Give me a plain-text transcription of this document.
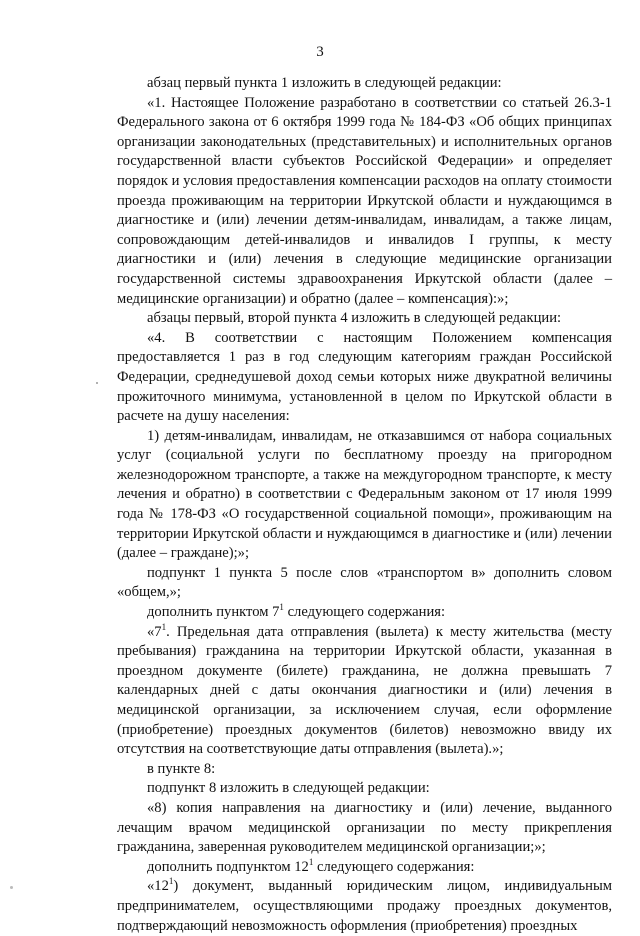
3

абзац первый пункта 1 изложить в следующей редакции:

«1. Настоящее Положение разработано в соответствии со статьей 26.3-1 Федерального закона от 6 октября 1999 года № 184-ФЗ «Об общих принципах организации законодательных (представительных) и исполнительных органов государственной власти субъектов Российской Федерации» и определяет порядок и условия предоставления компенсации расходов на оплату стоимости проезда проживающим на территории Иркутской области и нуждающимся в диагностике и (или) лечении детям-инвалидам, инвалидам, а также лицам, сопровождающим детей-инвалидов и инвалидов I группы, к месту диагностики и (или) лечения в следующие медицинские организации государственной системы здравоохранения Иркутской области (далее – медицинские организации) и обратно (далее – компенсация):»;

абзацы первый, второй пункта 4 изложить в следующей редакции:

«4. В соответствии с настоящим Положением компенсация предоставляется 1 раз в год следующим категориям граждан Российской Федерации, среднедушевой доход семьи которых ниже двукратной величины прожиточного минимума, установленной в целом по Иркутской области в расчете на душу населения:

1) детям-инвалидам, инвалидам, не отказавшимся от набора социальных услуг (социальной услуги по бесплатному проезду на пригородном железнодорожном транспорте, а также на междугородном транспорте, к месту лечения и обратно) в соответствии с Федеральным законом от 17 июля 1999 года № 178-ФЗ «О государственной социальной помощи», проживающим на территории Иркутской области и нуждающимся в диагностике и (или) лечении (далее – граждане);»;

подпункт 1 пункта 5 после слов «транспортом в» дополнить словом «общем,»;

дополнить пунктом $7^1$ следующего содержания:

«$7^1$. Предельная дата отправления (вылета) к месту жительства (месту пребывания) гражданина на территории Иркутской области, указанная в проездном документе (билете) гражданина, не должна превышать 7 календарных дней с даты окончания диагностики и (или) лечения в медицинской организации, за исключением случая, если оформление (приобретение) проездных документов (билетов) невозможно ввиду их отсутствия на соответствующие даты отправления (вылета).»;

в пункте 8:

подпункт 8 изложить в следующей редакции:

«8) копия направления на диагностику и (или) лечение, выданного лечащим врачом медицинской организации по месту прикрепления гражданина, заверенная руководителем медицинской организации;»;

дополнить подпунктом $12^1$ следующего содержания:

«$12^1$) документ, выданный юридическим лицом, индивидуальным предпринимателем, осуществляющими продажу проездных документов, подтверждающий невозможность оформления (приобретения) проездных
